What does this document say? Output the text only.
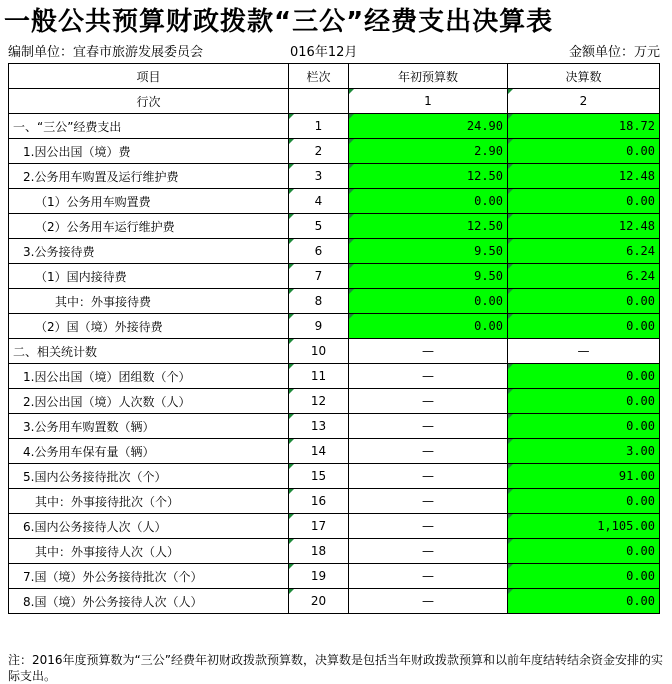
一般公共预算财政拨款“三公”经费支出决算表
编制单位：宜春市旅游发展委员会	016年12月	金额单位：万元
项目	栏次	年初预算数	决算数
行次		1	2
一、“三公”经费支出	1	24.90	18.72
1.因公出国（境）费	2	2.90	0.00
2.公务用车购置及运行维护费	3	12.50	12.48
（1）公务用车购置费	4	0.00	0.00
（2）公务用车运行维护费	5	12.50	12.48
3.公务接待费	6	9.50	6.24
（1）国内接待费	7	9.50	6.24
其中：外事接待费	8	0.00	0.00
（2）国（境）外接待费	9	0.00	0.00
二、相关统计数	10	—	—
1.因公出国（境）团组数（个）	11	—	0.00
2.因公出国（境）人次数（人）	12	—	0.00
3.公务用车购置数（辆）	13	—	0.00
4.公务用车保有量（辆）	14	—	3.00
5.国内公务接待批次（个）	15	—	91.00
其中：外事接待批次（个）	16	—	0.00
6.国内公务接待人次（人）	17	—	1,105.00
其中：外事接待人次（人）	18	—	0.00
7.国（境）外公务接待批次（个）	19	—	0.00
8.国（境）外公务接待人次（人）	20	—	0.00
注：2016年度预算数为“三公”经费年初财政拨款预算数，决算数是包括当年财政拨款预算和以前年度结转结余资金安排的实际支出。
